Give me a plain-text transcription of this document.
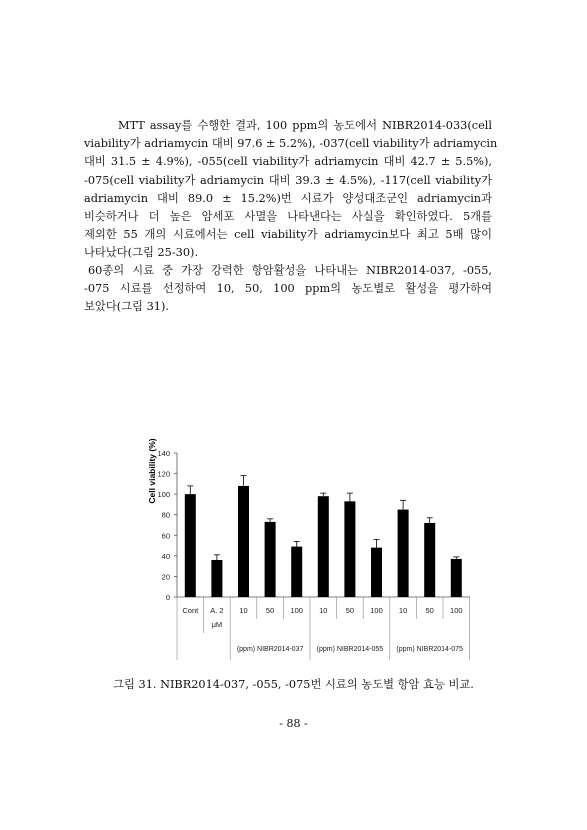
MTT assay를 수행한 결과, 100 ppm의 농도에서 NIBR2014-033(cell
viability가 adriamycin 대비 97.6 ± 5.2%), -037(cell viability가 adriamycin
대비 31.5 ± 4.9%), -055(cell viability가 adriamycin 대비 42.7 ± 5.5%),
-075(cell viability가 adriamycin 대비 39.3 ± 4.5%), -117(cell viability가
adriamycin 대비 89.0 ± 15.2%)번 시료가 양성대조군인 adriamycin과
비슷하거나 더 높은 암세포 사멸을 나타낸다는 사실을 확인하였다. 5개를
제외한 55 개의 시료에서는 cell viability가 adriamycin보다 최고 5배 많이
나타났다(그림 25-30).
60종의 시료 중 가장 강력한 항암활성을 나타내는 NIBR2014-037, -055,
-075 시료를 선정하여 10, 50, 100 ppm의 농도별로 활성을 평가하여
보았다(그림 31).
0
20
40
60
80
100
120
140
Cont A. 2
μM
10 50 100 10 50 100 10 50 100
(ppm) NIBR2014-037 (ppm) NIBR2014-055 (ppm) NIBR2014-075
Cell viability (%)
그림 31. NIBR2014-037, -055, -075번 시료의 농도별 항암 효능 비교.
- 88 -
